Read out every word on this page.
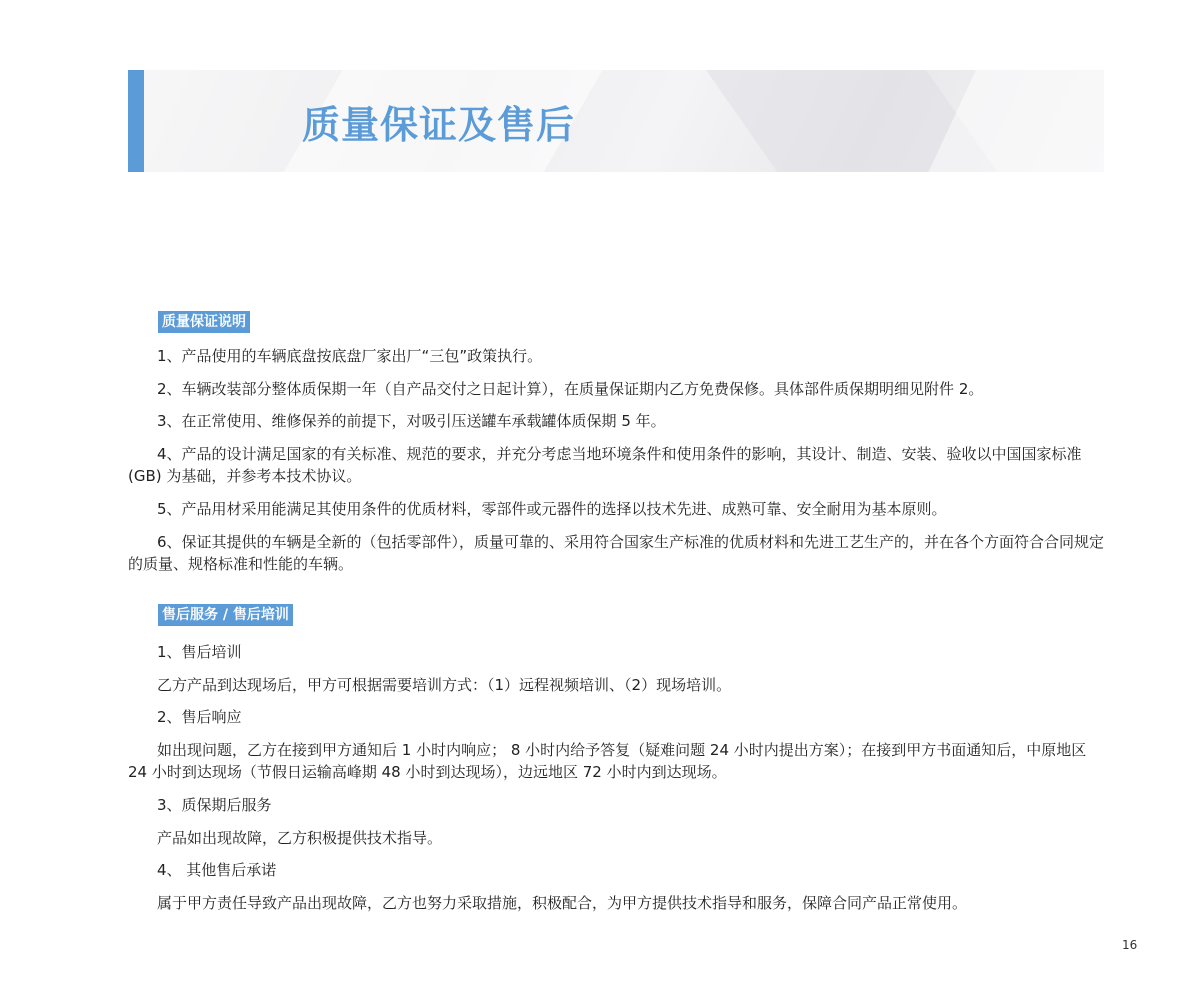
质量保证及售后
质量保证说明
1、产品使用的车辆底盘按底盘厂家出厂“三包”政策执行。
2、车辆改装部分整体质保期一年（自产品交付之日起计算），在质量保证期内乙方免费保修。具体部件质保期明细见附件 2。
3、在正常使用、维修保养的前提下，对吸引压送罐车承载罐体质保期 5 年。
4、产品的设计满足国家的有关标准、规范的要求，并充分考虑当地环境条件和使用条件的影响，其设计、制造、安装、验收以中国国家标准 (GB) 为基础，并参考本技术协议。
5、产品用材采用能满足其使用条件的优质材料，零部件或元器件的选择以技术先进、成熟可靠、安全耐用为基本原则。
6、保证其提供的车辆是全新的（包括零部件），质量可靠的、采用符合国家生产标准的优质材料和先进工艺生产的，并在各个方面符合合同规定的质量、规格标准和性能的车辆。
售后服务 / 售后培训
1、售后培训
乙方产品到达现场后，甲方可根据需要培训方式：（1）远程视频培训、（2）现场培训。
2、售后响应
如出现问题，乙方在接到甲方通知后 1 小时内响应； 8 小时内给予答复（疑难问题 24 小时内提出方案）；在接到甲方书面通知后，中原地区 24 小时到达现场（节假日运输高峰期 48 小时到达现场），边远地区 72 小时内到达现场。
3、质保期后服务
产品如出现故障，乙方积极提供技术指导。
4、 其他售后承诺
属于甲方责任导致产品出现故障，乙方也努力采取措施，积极配合，为甲方提供技术指导和服务，保障合同产品正常使用。
16
